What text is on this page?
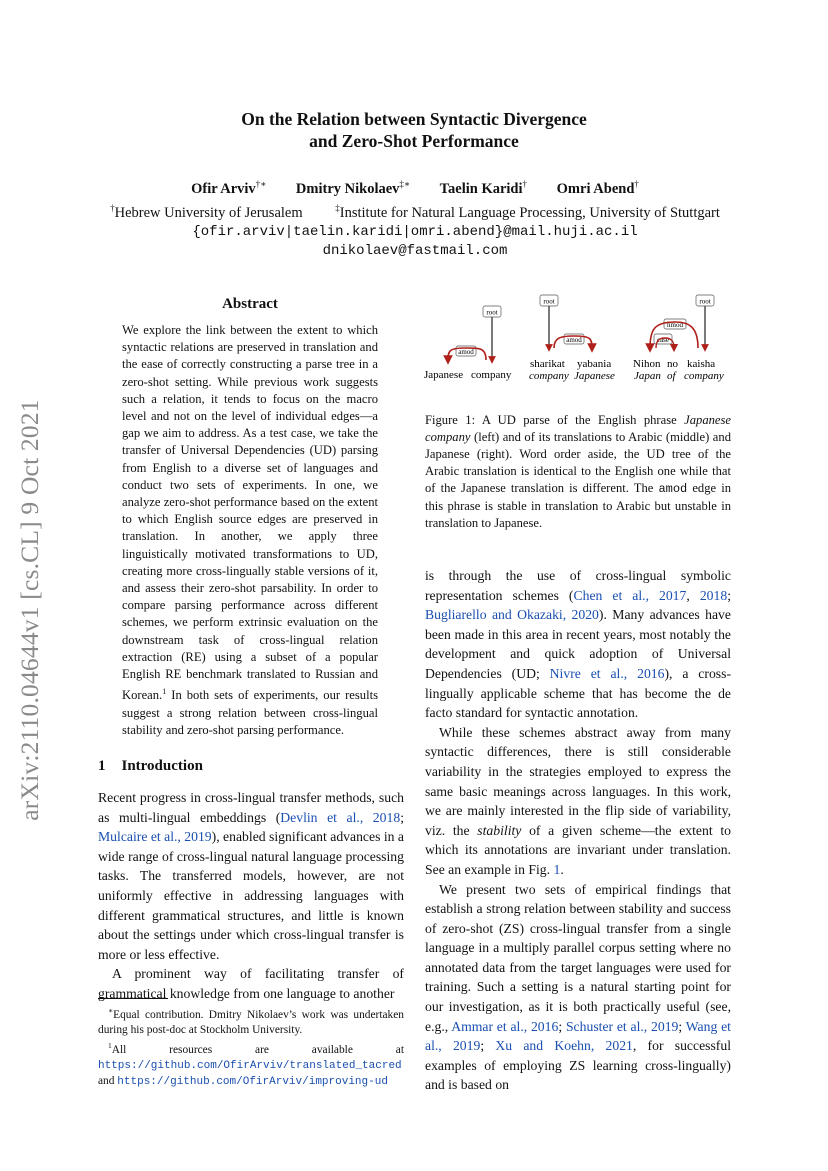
On the Relation between Syntactic Divergence
and Zero-Shot Performance
Ofir Arviv†∗ Dmitry Nikolaev‡∗ Taelin Karidi† Omri Abend†
†Hebrew University of Jerusalem	‡Institute for Natural Language Processing, University of Stuttgart
{ofir.arviv|taelin.karidi|omri.abend}@mail.huji.ac.il
dnikolaev@fastmail.com
arXiv:2110.04644v1 [cs.CL] 9 Oct 2021
Abstract
We explore the link between the extent to which syntactic relations are preserved in translation and the ease of correctly constructing a parse tree in a zero-shot setting. While previous work suggests such a relation, it tends to focus on the macro level and not on the level of individual edges—a gap we aim to address. As a test case, we take the transfer of Universal Dependencies (UD) parsing from English to a diverse set of languages and conduct two sets of experiments. In one, we analyze zero-shot performance based on the extent to which English source edges are preserved in translation. In another, we apply three linguistically motivated transformations to UD, creating more cross-lingually stable versions of it, and assess their zero-shot parsability. In order to compare parsing performance across different schemes, we perform extrinsic evaluation on the downstream task of cross-lingual relation extraction (RE) using a subset of a popular English RE benchmark translated to Russian and Korean.$^1$ In both sets of experiments, our results suggest a strong relation between cross-lingual stability and zero-shot parsing performance.
1 Introduction

Recent progress in cross-lingual transfer methods, such as multi-lingual embeddings (Devlin et al., 2018; Mulcaire et al., 2019), enabled significant advances in a wide range of cross-lingual natural language processing tasks. The transferred models, however, are not uniformly effective in addressing languages with different grammatical structures, and little is known about the settings under which cross-lingual transfer is more or less effective.

A prominent way of facilitating transfer of grammatical knowledge from one language to another

∗Equal contribution. Dmitry Nikolaev’s work was undertaken during his post-doc at Stockholm University.

$^1$All resources are available at https://github.com/OfirArviv/translated_tacred and https://github.com/OfirArviv/improving-ud

root
amod
Japanese company
root
amod
sharikat yabania
company Japanese
root
nmod
case
Nihon no kaisha
Japan of company
Figure 1: A UD parse of the English phrase Japanese company (left) and of its translations to Arabic (middle) and Japanese (right). Word order aside, the UD tree of the Arabic translation is identical to the English one while that of the Japanese translation is different. The amod edge in this phrase is stable in translation to Arabic but unstable in translation to Japanese.

is through the use of cross-lingual symbolic representation schemes (Chen et al., 2017, 2018; Bugliarello and Okazaki, 2020). Many advances have been made in this area in recent years, most notably the development and quick adoption of Universal Dependencies (UD; Nivre et al., 2016), a cross-lingually applicable scheme that has become the de facto standard for syntactic annotation.

While these schemes abstract away from many syntactic differences, there is still considerable variability in the strategies employed to express the same basic meanings across languages. In this work, we are mainly interested in the flip side of variability, viz. the stability of a given scheme—the extent to which its annotations are invariant under translation. See an example in Fig. 1.

We present two sets of empirical findings that establish a strong relation between stability and success of zero-shot (ZS) cross-lingual transfer from a single language in a multiply parallel corpus setting where no annotated data from the target languages were used for training. Such a setting is a natural starting point for our investigation, as it is both practically useful (see, e.g., Ammar et al., 2016; Schuster et al., 2019; Wang et al., 2019; Xu and Koehn, 2021, for successful examples of employing ZS learning cross-lingually) and is based on
